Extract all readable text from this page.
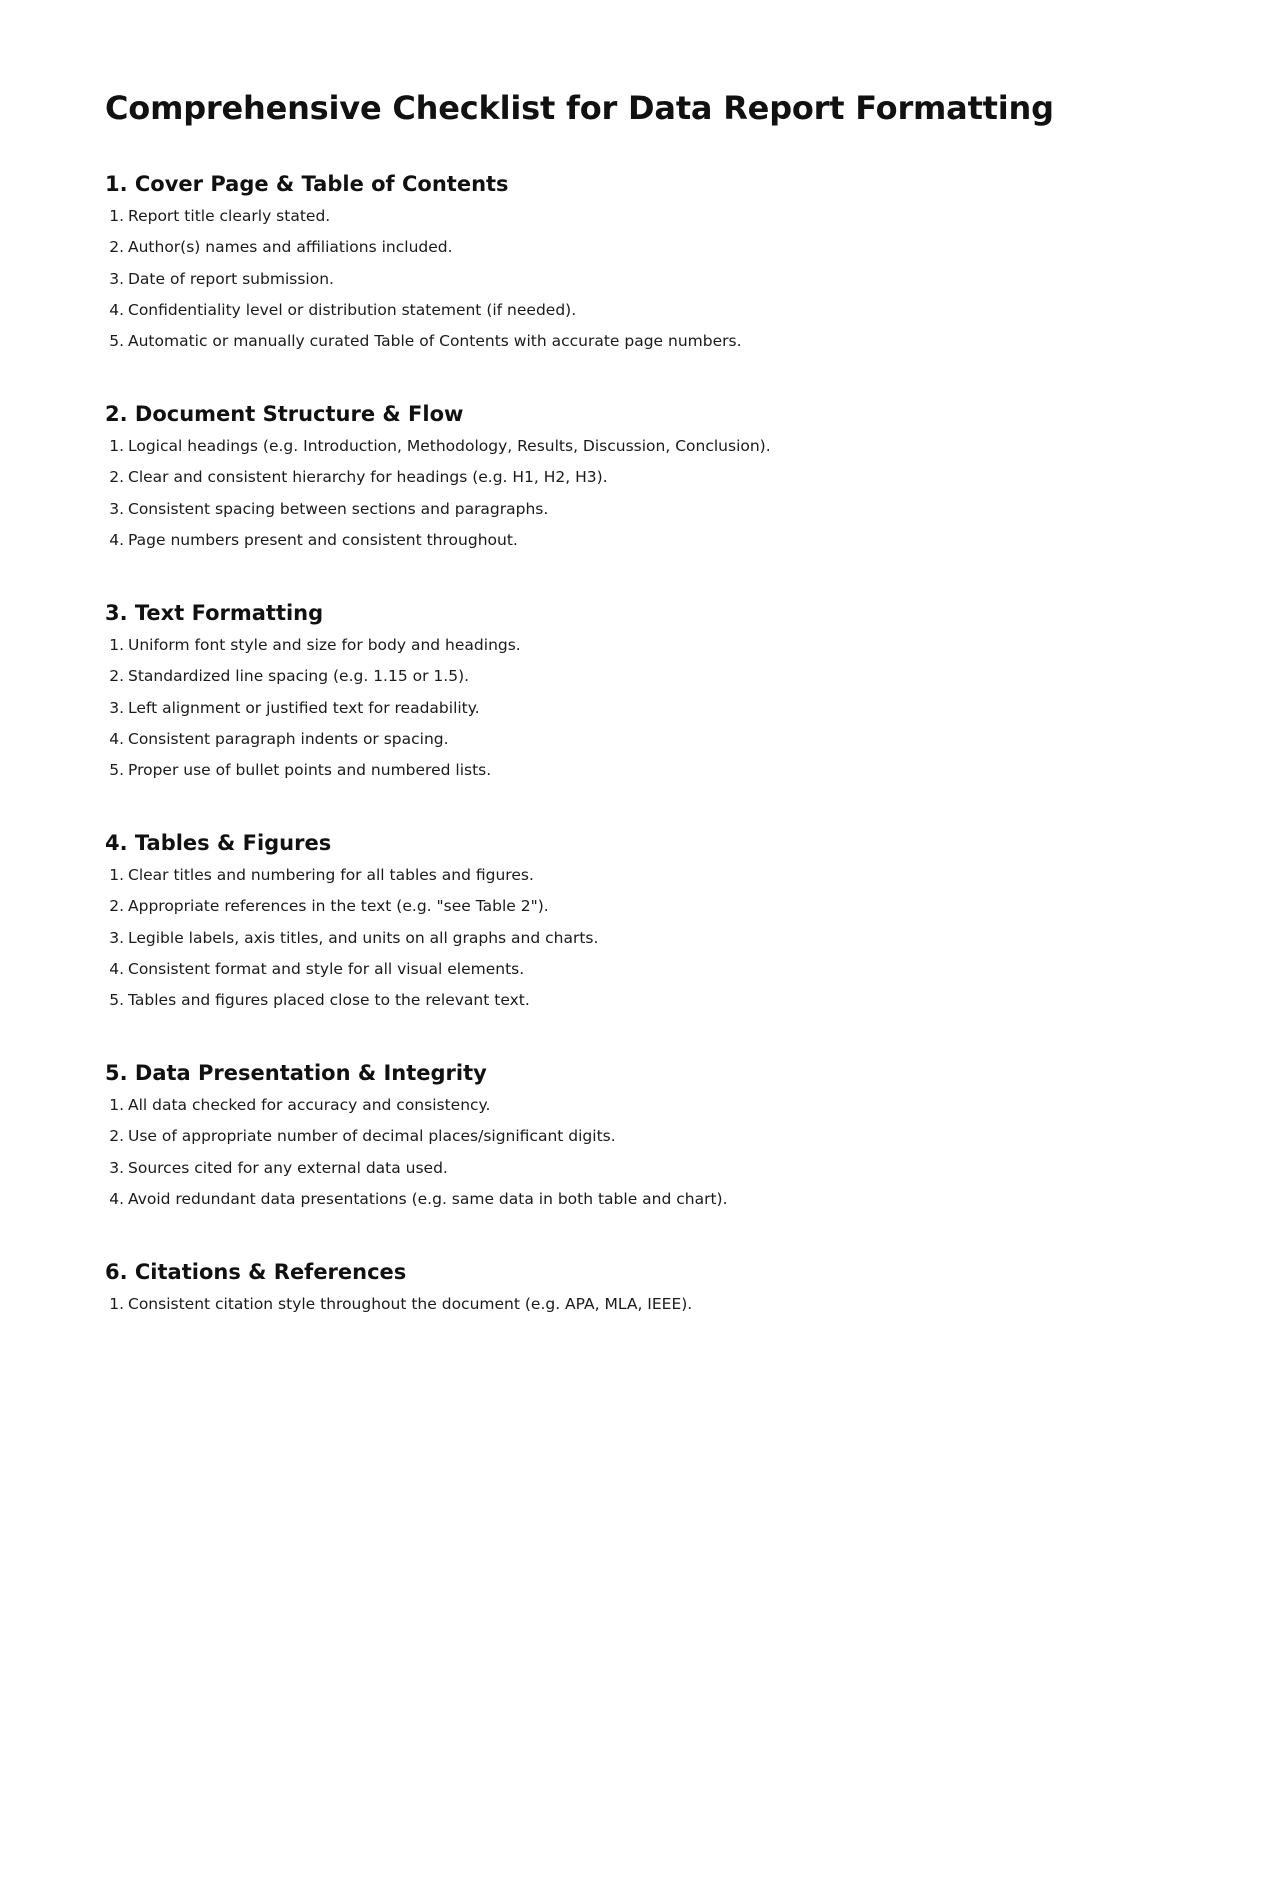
Comprehensive Checklist for Data Report Formatting
1. Cover Page & Table of Contents
1. Report title clearly stated.
2. Author(s) names and affiliations included.
3. Date of report submission.
4. Confidentiality level or distribution statement (if needed).
5. Automatic or manually curated Table of Contents with accurate page numbers.
2. Document Structure & Flow
1. Logical headings (e.g. Introduction, Methodology, Results, Discussion, Conclusion).
2. Clear and consistent hierarchy for headings (e.g. H1, H2, H3).
3. Consistent spacing between sections and paragraphs.
4. Page numbers present and consistent throughout.
3. Text Formatting
1. Uniform font style and size for body and headings.
2. Standardized line spacing (e.g. 1.15 or 1.5).
3. Left alignment or justified text for readability.
4. Consistent paragraph indents or spacing.
5. Proper use of bullet points and numbered lists.
4. Tables & Figures
1. Clear titles and numbering for all tables and figures.
2. Appropriate references in the text (e.g. "see Table 2").
3. Legible labels, axis titles, and units on all graphs and charts.
4. Consistent format and style for all visual elements.
5. Tables and figures placed close to the relevant text.
5. Data Presentation & Integrity
1. All data checked for accuracy and consistency.
2. Use of appropriate number of decimal places/significant digits.
3. Sources cited for any external data used.
4. Avoid redundant data presentations (e.g. same data in both table and chart).
6. Citations & References
1. Consistent citation style throughout the document (e.g. APA, MLA, IEEE).
